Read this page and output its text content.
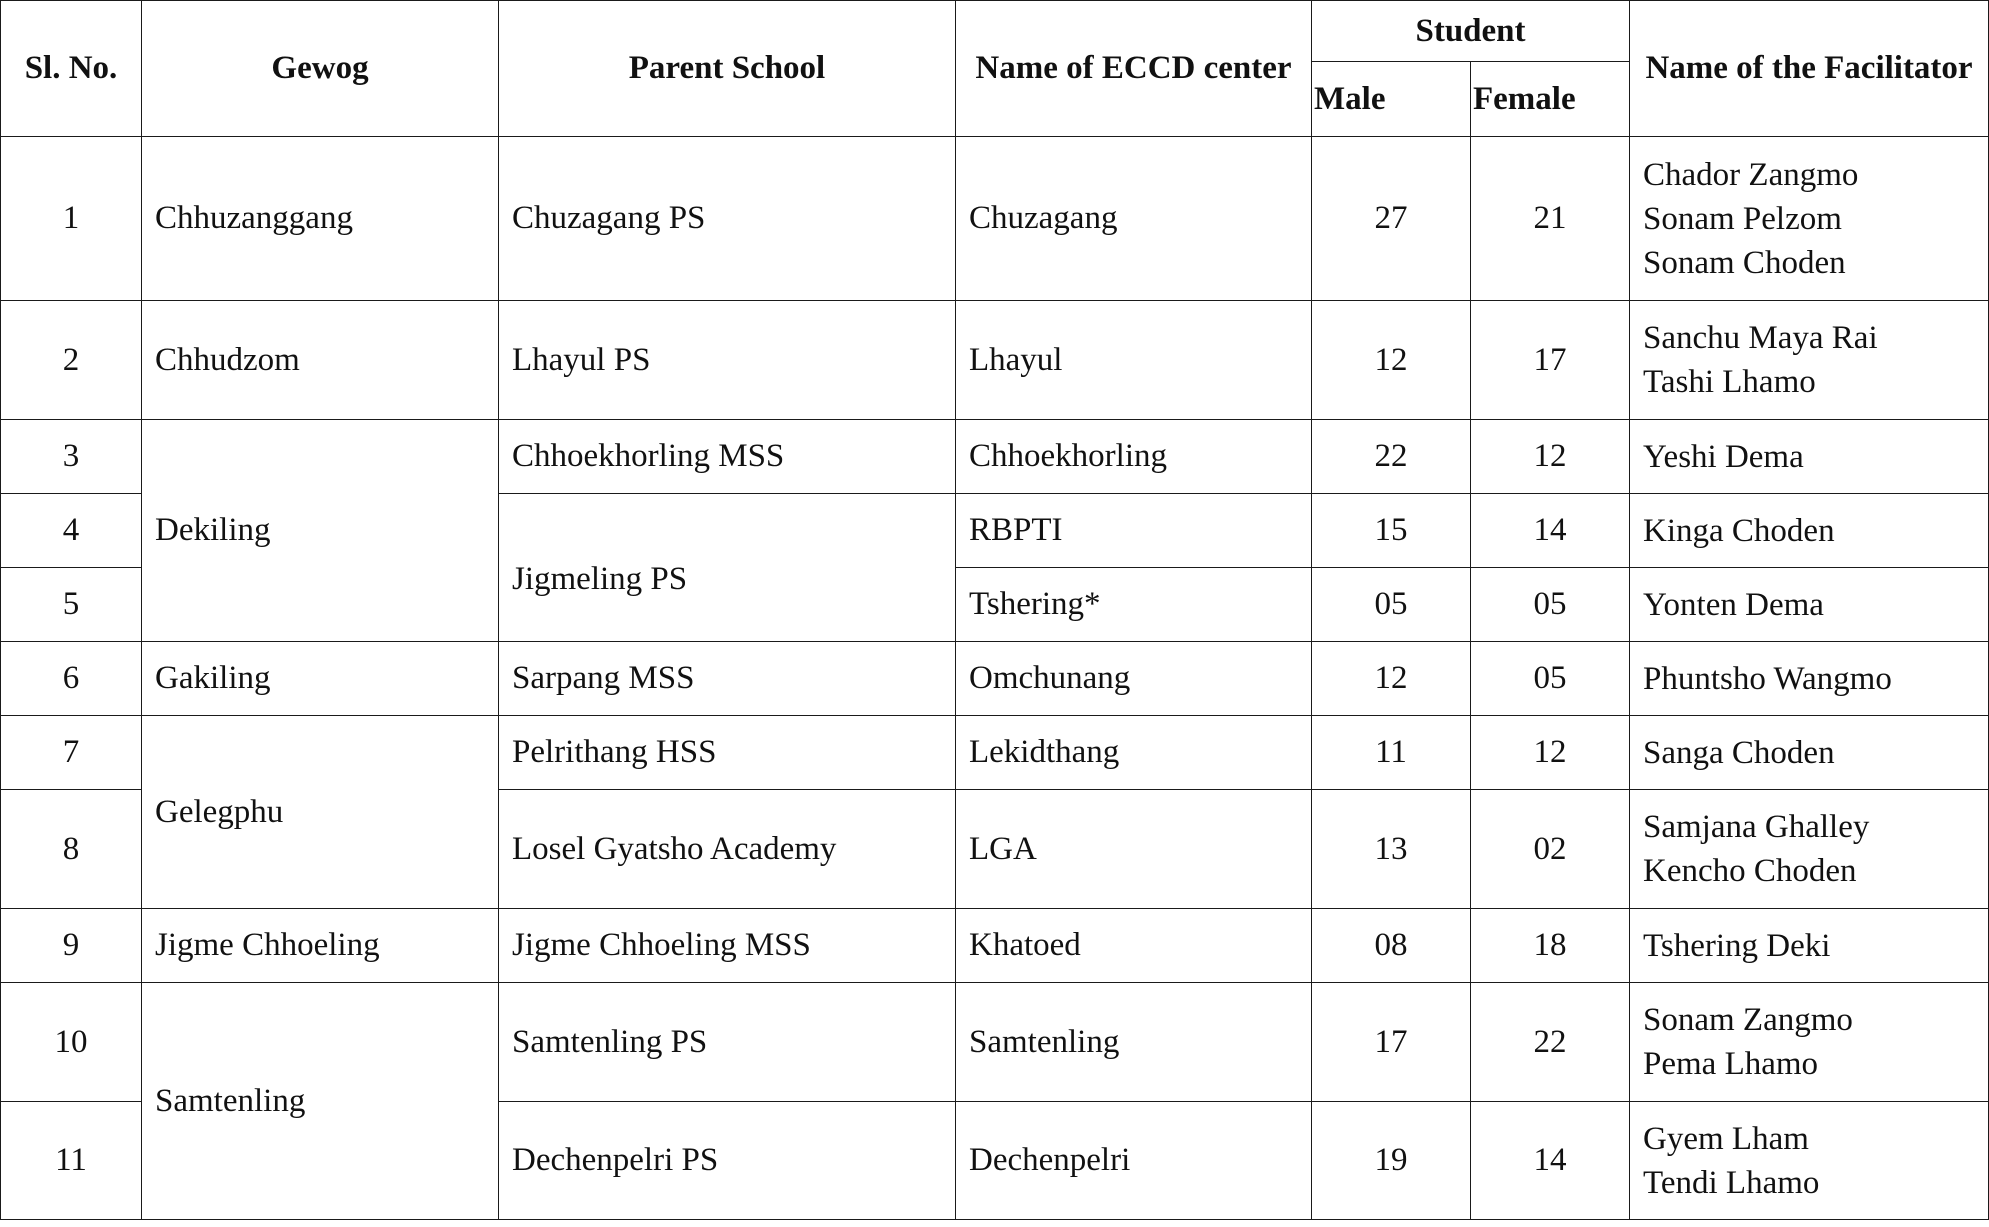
Sl. No.	Gewog	Parent School	Name of ECCD center	Student		Name of the Facilitator
				Male	Female	
1	Chhuzanggang	Chuzagang PS	Chuzagang	27	21	Chador Zangmo
Sonam Pelzom
Sonam Choden

2	Chhudzom	Lhayul PS	Lhayul	12	17	Sanchu Maya Rai
Tashi Lhamo

3	Dekiling	Chhoekhorling MSS	Chhoekhorling	22	12	Yeshi Dema

4		Jigmeling PS	RBPTI	15	14	Kinga Choden

5			Tshering*	05	05	Yonten Dema

6	Gakiling	Sarpang MSS	Omchunang	12	05	Phuntsho Wangmo

7	Gelegphu	Pelrithang HSS	Lekidthang	11	12	Sanga Choden

8		Losel Gyatsho Academy	LGA	13	02	Samjana Ghalley
Kencho Choden

9	Jigme Chhoeling	Jigme Chhoeling MSS	Khatoed	08	18	Tshering Deki

10	Samtenling	Samtenling PS	Samtenling	17	22	Sonam Zangmo
Pema Lhamo

11		Dechenpelri PS	Dechenpelri	19	14	Gyem Lham
Tendi Lhamo
